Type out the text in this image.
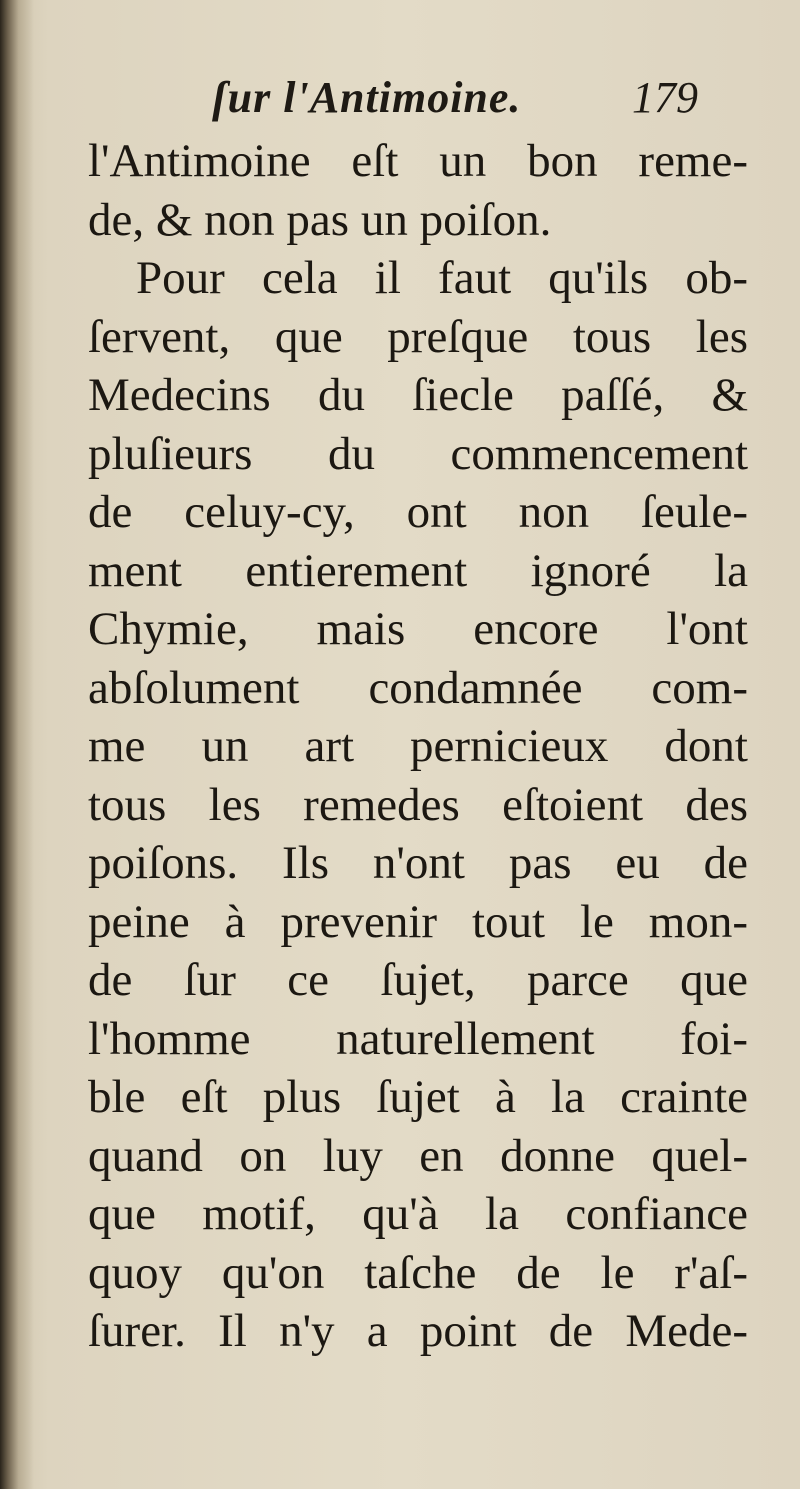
ſur l'Antimoine.	179
l'Antimoine eſt un bon reme-
de, & non pas un poiſon.
Pour cela il faut qu'ils ob-
ſervent, que preſque tous les
Medecins du ſiecle paſſé, &
pluſieurs du commencement
de celuy-cy, ont non ſeule-
ment entierement ignoré la
Chymie, mais encore l'ont
abſolument condamnée com-
me un art pernicieux dont
tous les remedes eſtoient des
poiſons. Ils n'ont pas eu de
peine à prevenir tout le mon-
de ſur ce ſujet, parce que
l'homme naturellement foi-
ble eſt plus ſujet à la crainte
quand on luy en donne quel-
que motif, qu'à la confiance
quoy qu'on taſche de le r'aſ-
ſurer. Il n'y a point de Mede-
